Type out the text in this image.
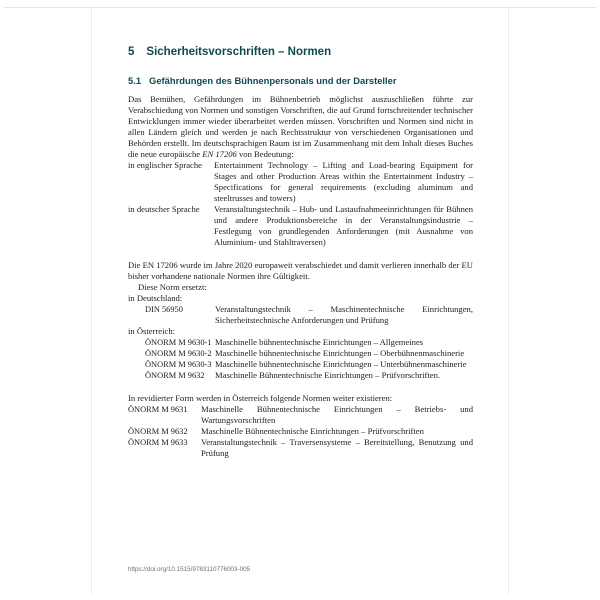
5 Sicherheitsvorschriften – Normen
5.1 Gefährdungen des Bühnenpersonals und der Darsteller

Das Bemühen, Gefährdungen im Bühnenbetrieb möglichst auszuschließen führte zur Verabschiedung von Normen und sonstigen Vorschriften, die auf Grund fortschreitender technischer Entwicklungen immer wieder überarbeitet werden müssen. Vorschriften und Normen sind nicht in allen Ländern gleich und werden je nach Rechtsstruktur von verschiedenen Organisationen und Behörden erstellt. Im deutschsprachigen Raum ist im Zusammenhang mit dem Inhalt dieses Buches die neue europäische EN 17206 von Bedeutung:

in englischer Sprache	Entertainment Technology – Lifting and Load-bearing Equipment for Stages and other Production Areas within the Entertainment Industry – Specifications for general requirements (excluding aluminum and steeltrusses and towers)
in deutscher Sprache	Veranstaltungstechnik – Hub- und Lastaufnahmeeinrichtungen für Bühnen und andere Produktionsbereiche in der Veranstaltungsindustrie – Festlegung von grundlegenden Anforderungen (mit Ausnahme von Aluminium- und Stahltraversen)

Die EN 17206 wurde im Jahre 2020 europaweit verabschiedet und damit verlieren innerhalb der EU bisher vorhandene nationale Normen ihre Gültigkeit.

Diese Norm ersetzt:

in Deutschland:

DIN 56950	Veranstaltungstechnik – Maschinentechnische Einrichtungen, Sicherheitstechnische Anforderungen und Prüfung

in Österreich:

ÖNORM M 9630-1 Maschinelle bühnentechnische Einrichtungen – Allgemeines
ÖNORM M 9630-2 Maschinelle bühnentechnische Einrichtungen – Oberbühnenmaschinerie
ÖNORM M 9630-3 Maschinelle bühnentechnische Einrichtungen – Unterbühnenmaschinerie
ÖNORM M 9632	Maschinelle Bühnentechnische Einrichtungen – Prüfvorschriften.

In revidierter Form werden in Österreich folgende Normen weiter existieren:

ÖNORM M 9631	Maschinelle Bühnentechnische Einrichtungen – Betriebs- und Wartungsvorschriften
ÖNORM M 9632	Maschinelle Bühnentechnische Einrichtungen – Prüfvorschriften
ÖNORM M 9633	Veranstaltungstechnik – Traversensysteme – Bereitstellung, Benutzung und Prüfung
https://doi.org/10.1515/9783110776003-005
